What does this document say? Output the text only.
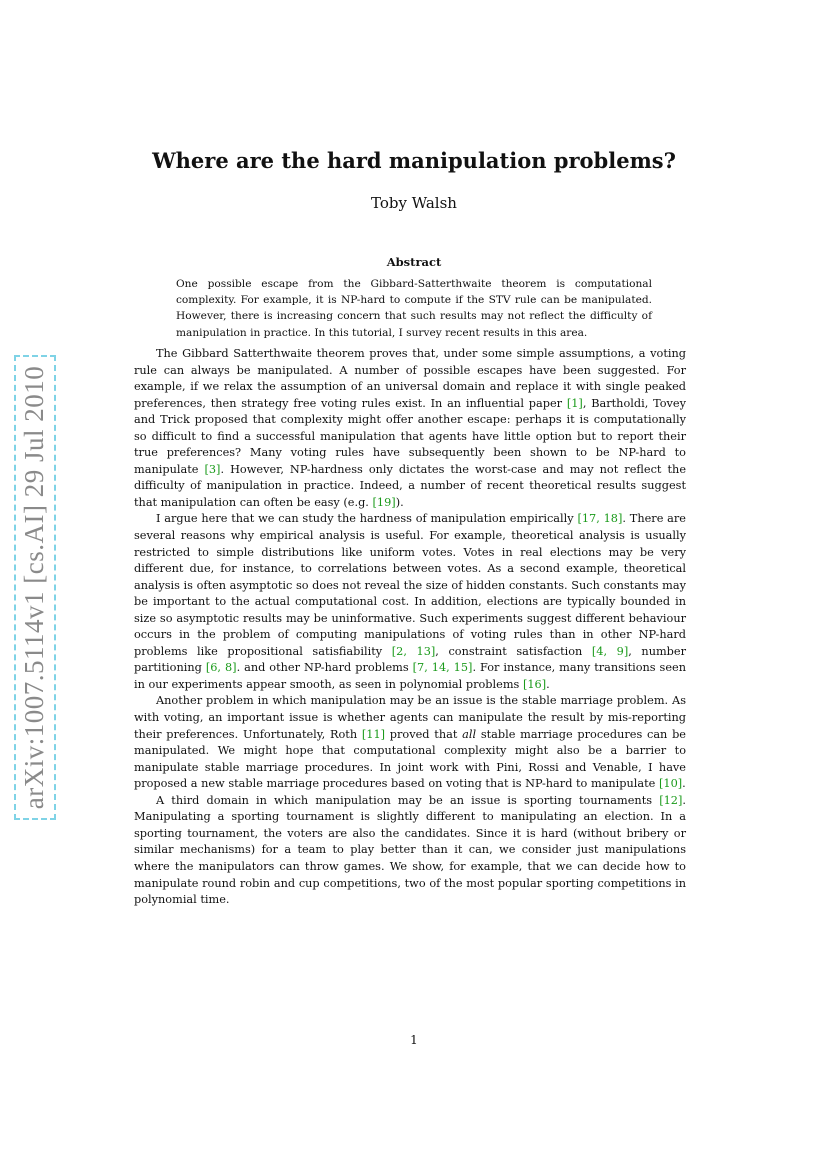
arXiv:1007.5114v1 [cs.AI] 29 Jul 2010
Where are the hard manipulation problems?
Toby Walsh
Abstract

One possible escape from the Gibbard-Satterthwaite theorem is computational complexity. For example, it is NP-hard to compute if the STV rule can be manipulated. However, there is increasing concern that such results may not reflect the difficulty of manipulation in practice. In this tutorial, I survey recent results in this area.

The Gibbard Satterthwaite theorem proves that, under some simple assumptions, a voting rule can always be manipulated. A number of possible escapes have been suggested. For example, if we relax the assumption of an universal domain and replace it with single peaked preferences, then strategy free voting rules exist. In an influential paper [1], Bartholdi, Tovey and Trick proposed that complexity might offer another escape: perhaps it is computationally so difficult to find a successful manipulation that agents have little option but to report their true preferences? Many voting rules have subsequently been shown to be NP-hard to manipulate [3]. However, NP-hardness only dictates the worst-case and may not reflect the difficulty of manipulation in practice. Indeed, a number of recent theoretical results suggest that manipulation can often be easy (e.g. [19]).

I argue here that we can study the hardness of manipulation empirically [17, 18]. There are several reasons why empirical analysis is useful. For example, theoretical analysis is usually restricted to simple distributions like uniform votes. Votes in real elections may be very different due, for instance, to correlations between votes. As a second example, theoretical analysis is often asymptotic so does not reveal the size of hidden constants. Such constants may be important to the actual computational cost. In addition, elections are typically bounded in size so asymptotic results may be uninformative. Such experiments suggest different behaviour occurs in the problem of computing manipulations of voting rules than in other NP-hard problems like propositional satisfiability [2, 13], constraint satisfaction [4, 9], number partitioning [6, 8]. and other NP-hard problems [7, 14, 15]. For instance, many transitions seen in our experiments appear smooth, as seen in polynomial problems [16].

Another problem in which manipulation may be an issue is the stable marriage problem. As with voting, an important issue is whether agents can manipulate the result by mis-reporting their preferences. Unfortunately, Roth [11] proved that all stable marriage procedures can be manipulated. We might hope that computational complexity might also be a barrier to manipulate stable marriage procedures. In joint work with Pini, Rossi and Venable, I have proposed a new stable marriage procedures based on voting that is NP-hard to manipulate [10].

A third domain in which manipulation may be an issue is sporting tournaments [12]. Manipulating a sporting tournament is slightly different to manipulating an election. In a sporting tournament, the voters are also the candidates. Since it is hard (without bribery or similar mechanisms) for a team to play better than it can, we consider just manipulations where the manipulators can throw games. We show, for example, that we can decide how to manipulate round robin and cup competitions, two of the most popular sporting competitions in polynomial time.

1
